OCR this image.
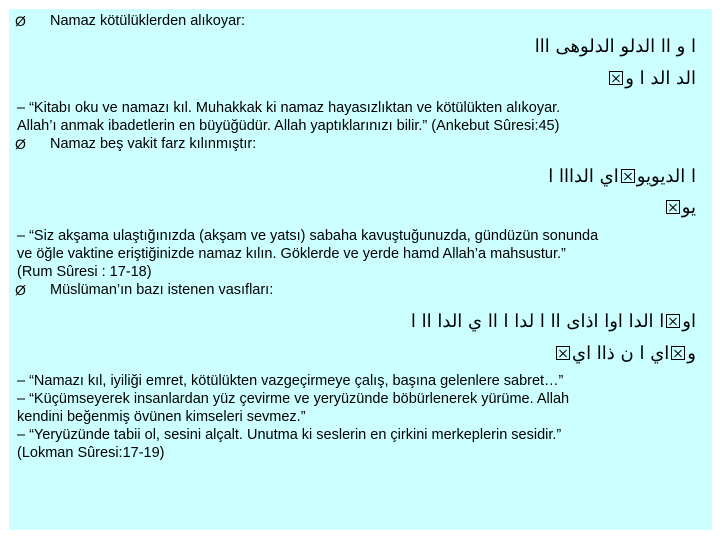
Ø Namaz kötülüklerden alıkoyar:
ا و اا الدلو الدلوهى ااا
الد الد ا و
– “Kitabı oku ve namazı kıl. Muhakkak ki namaz hayasızlıktan ve kötülükten alıkoyar.
Allah’ı anmak ibadetlerin en büyüğüdür. Allah yaptıklarınızı bilir.” (Ankebut Sûresi:45)
Ø Namaz beş vakit farz kılınmıştır:
ا الديويواي الدااا ا
يو
– “Siz akşama ulaştığınızda (akşam ve yatsı) sabaha kavuştuğunuzda, gündüzün sonunda
ve öğle vaktine eriştiğinizde namaz kılın. Göklerde ve yerde hamd Allah’a mahsustur.”
(Rum Sûresi : 17-18)
Ø Müslüman’ın bazı istenen vasıfları:
اوا الدا اوا اذاى اا ا لدا ا اا ي الدا اا ا
واي ا ن ذاا اي
– “Namazı kıl, iyiliği emret, kötülükten vazgeçirmeye çalış, başına gelenlere sabret…”
– “Küçümseyerek insanlardan yüz çevirme ve yeryüzünde böbürlenerek yürüme. Allah
kendini beğenmiş övünen kimseleri sevmez.”
– “Yeryüzünde tabii ol, sesini alçalt. Unutma ki seslerin en çirkini merkeplerin sesidir.”
(Lokman Sûresi:17-19)
